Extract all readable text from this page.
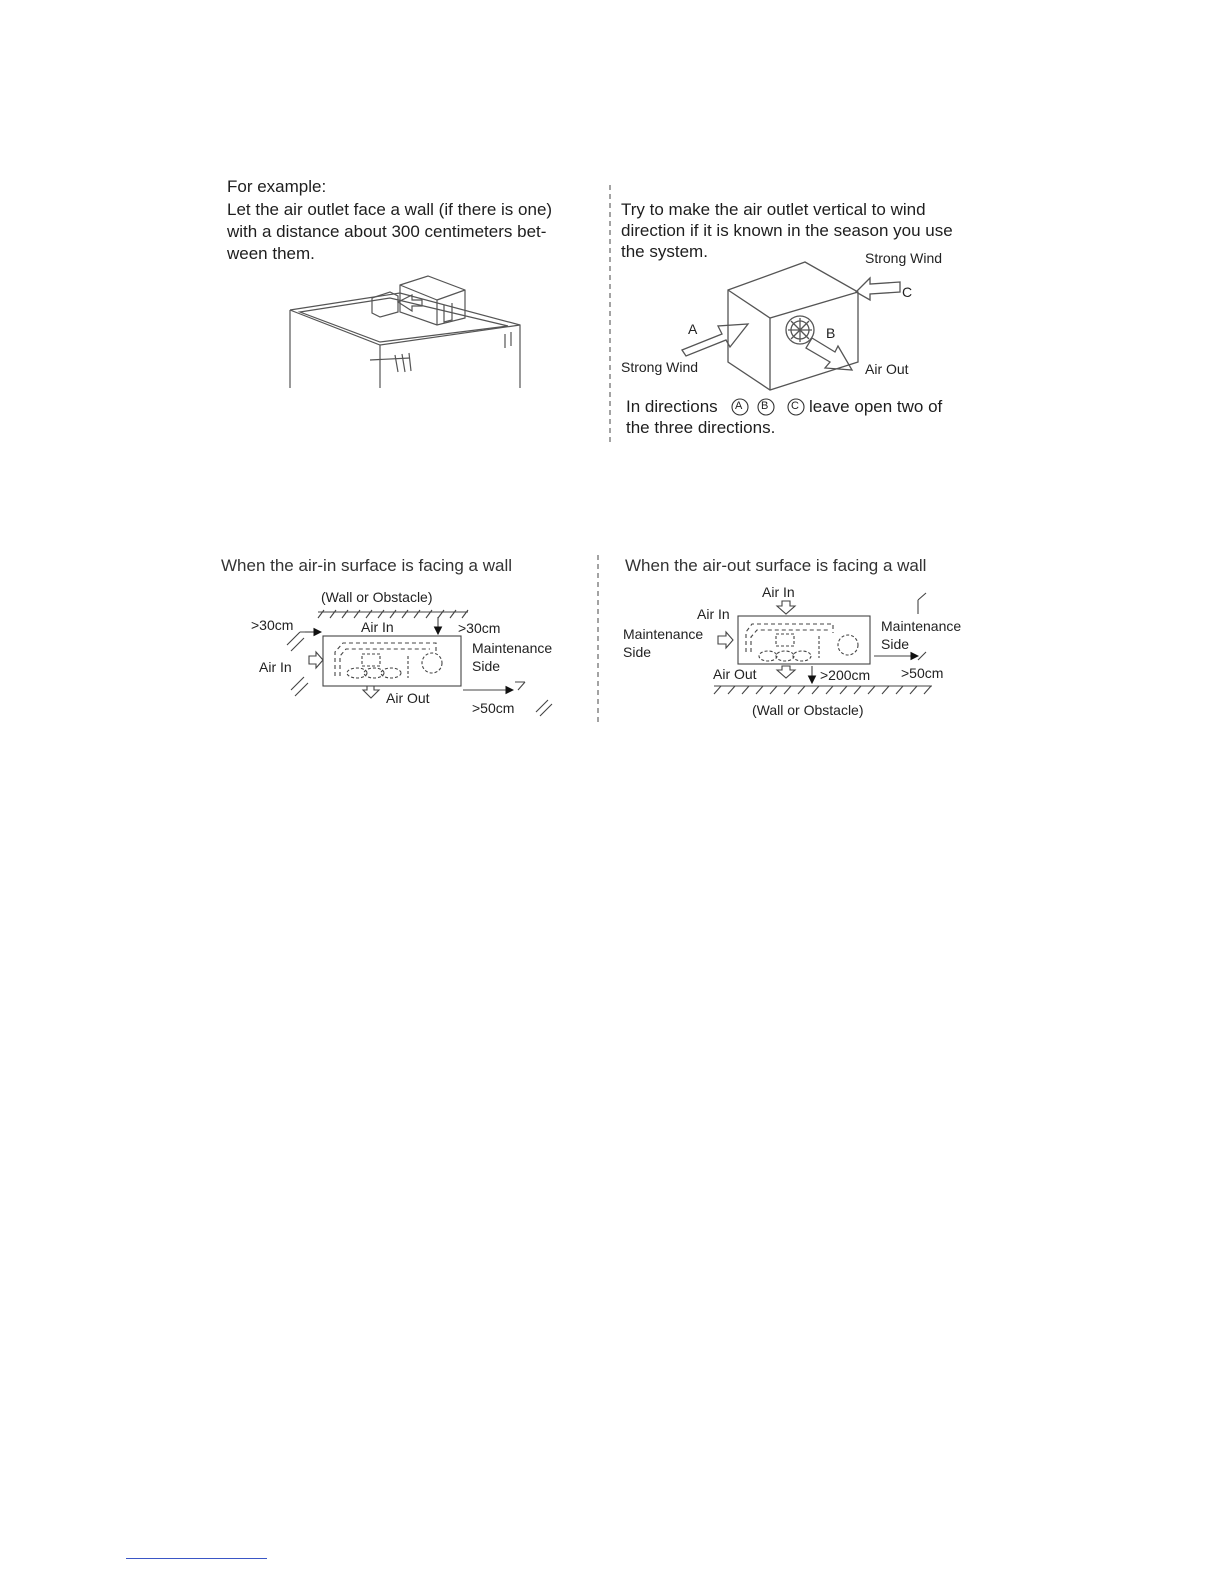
For example:
Let the air outlet face a wall (if there is one)
with a distance about 300 centimeters bet-
ween them.
Try to make the air outlet vertical to wind
direction if it is known in the season you use
the system.	Strong Wind
C
A	B
Strong Wind	Air Out
In directions A B C leave open two of
the three directions.
When the air-in surface is facing a wall
(Wall or Obstacle)
>30cm	Air In	>30cm
Maintenance
Side
Air In
Air Out
>50cm
When the air-out surface is facing a wall
Air In
Air In
Maintenance
Side
Maintenance
Side
Air Out	>200cm >50cm
(Wall or Obstacle)
